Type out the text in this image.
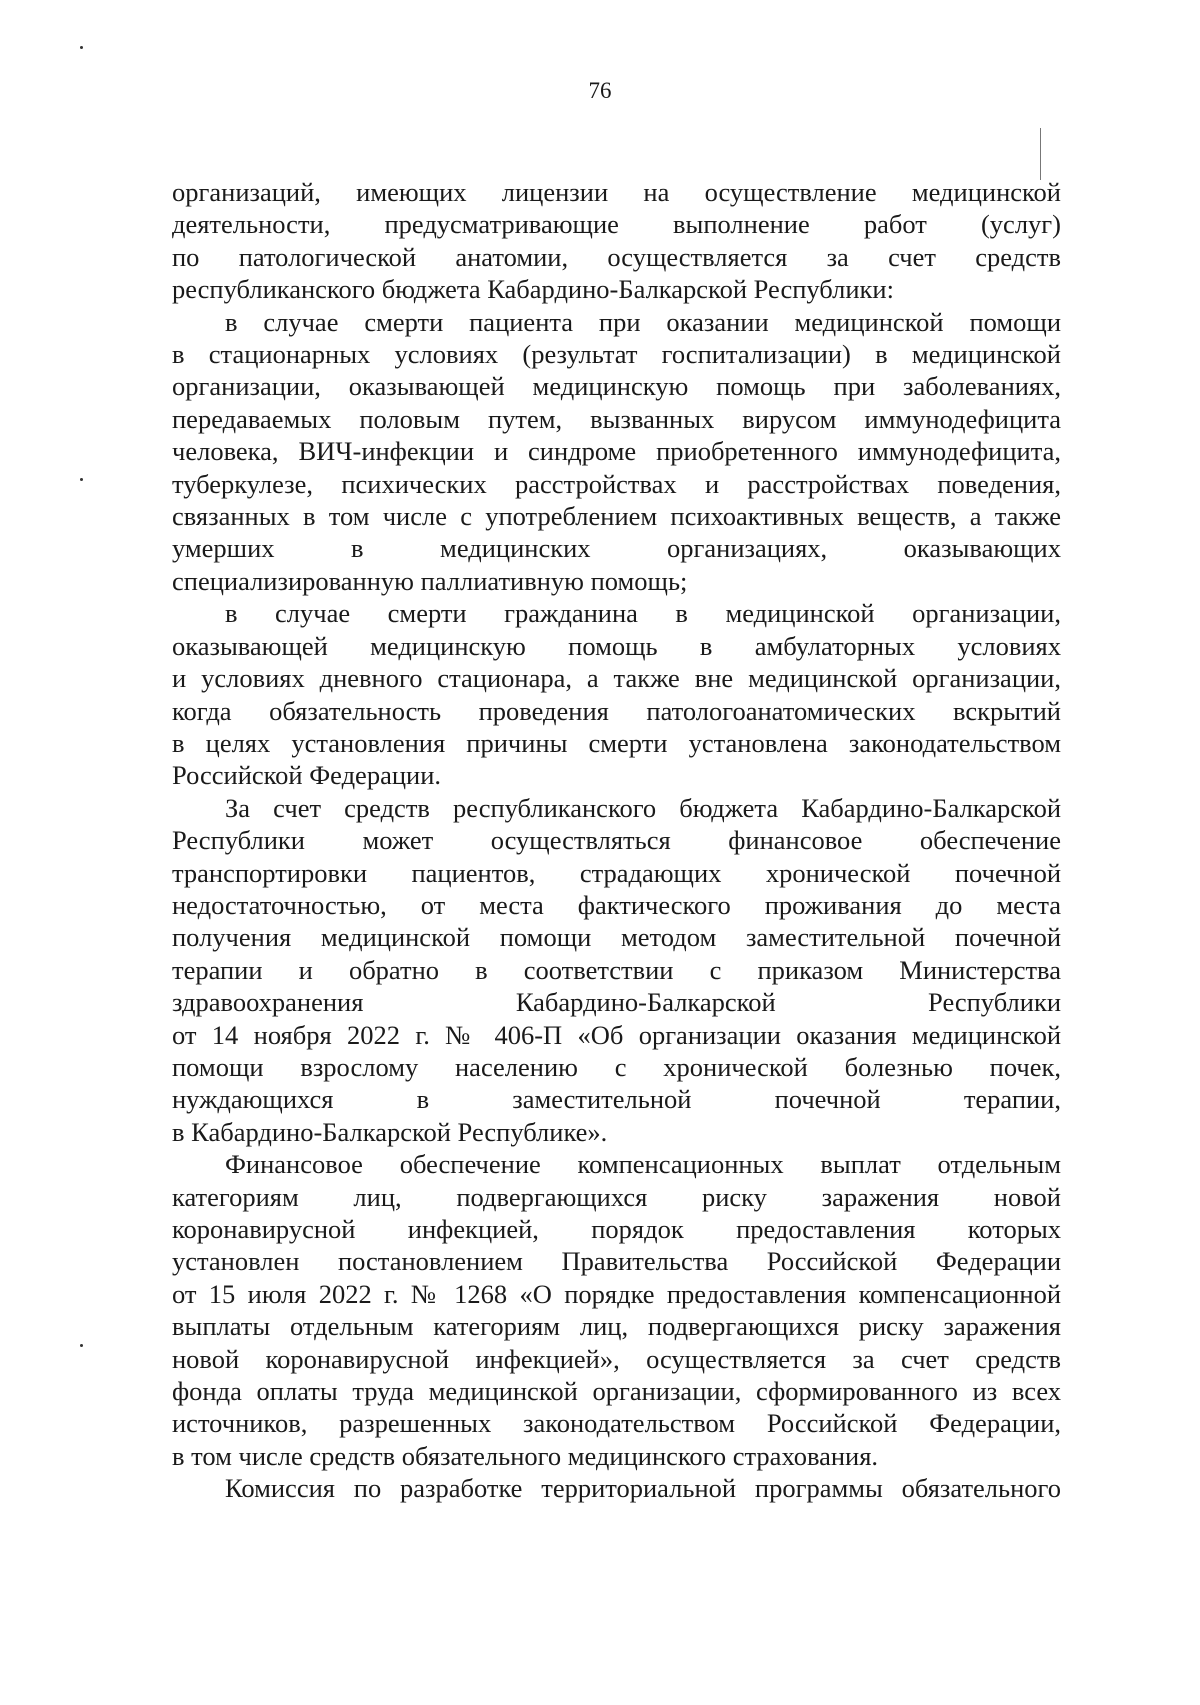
76
организаций, имеющих лицензии на осуществление медицинской
деятельности, предусматривающие выполнение работ (услуг)
по патологической анатомии, осуществляется за счет средств
республиканского бюджета Кабардино-Балкарской Республики:
в случае смерти пациента при оказании медицинской помощи
в стационарных условиях (результат госпитализации) в медицинской
организации, оказывающей медицинскую помощь при заболеваниях,
передаваемых половым путем, вызванных вирусом иммунодефицита
человека, ВИЧ-инфекции и синдроме приобретенного иммунодефицита,
туберкулезе, психических расстройствах и расстройствах поведения,
связанных в том числе с употреблением психоактивных веществ, а также
умерших в медицинских организациях, оказывающих
специализированную паллиативную помощь;
в случае смерти гражданина в медицинской организации,
оказывающей медицинскую помощь в амбулаторных условиях
и условиях дневного стационара, а также вне медицинской организации,
когда обязательность проведения патологоанатомических вскрытий
в целях установления причины смерти установлена законодательством
Российской Федерации.
За счет средств республиканского бюджета Кабардино-Балкарской
Республики может осуществляться финансовое обеспечение
транспортировки пациентов, страдающих хронической почечной
недостаточностью, от места фактического проживания до места
получения медицинской помощи методом заместительной почечной
терапии и обратно в соответствии с приказом Министерства
здравоохранения Кабардино-Балкарской Республики
от 14 ноября 2022 г. № 406-П «Об организации оказания медицинской
помощи взрослому населению с хронической болезнью почек,
нуждающихся в заместительной почечной терапии,
в Кабардино-Балкарской Республике».
Финансовое обеспечение компенсационных выплат отдельным
категориям лиц, подвергающихся риску заражения новой
коронавирусной инфекцией, порядок предоставления которых
установлен постановлением Правительства Российской Федерации
от 15 июля 2022 г. № 1268 «О порядке предоставления компенсационной
выплаты отдельным категориям лиц, подвергающихся риску заражения
новой коронавирусной инфекцией», осуществляется за счет средств
фонда оплаты труда медицинской организации, сформированного из всех
источников, разрешенных законодательством Российской Федерации,
в том числе средств обязательного медицинского страхования.
Комиссия по разработке территориальной программы обязательного
